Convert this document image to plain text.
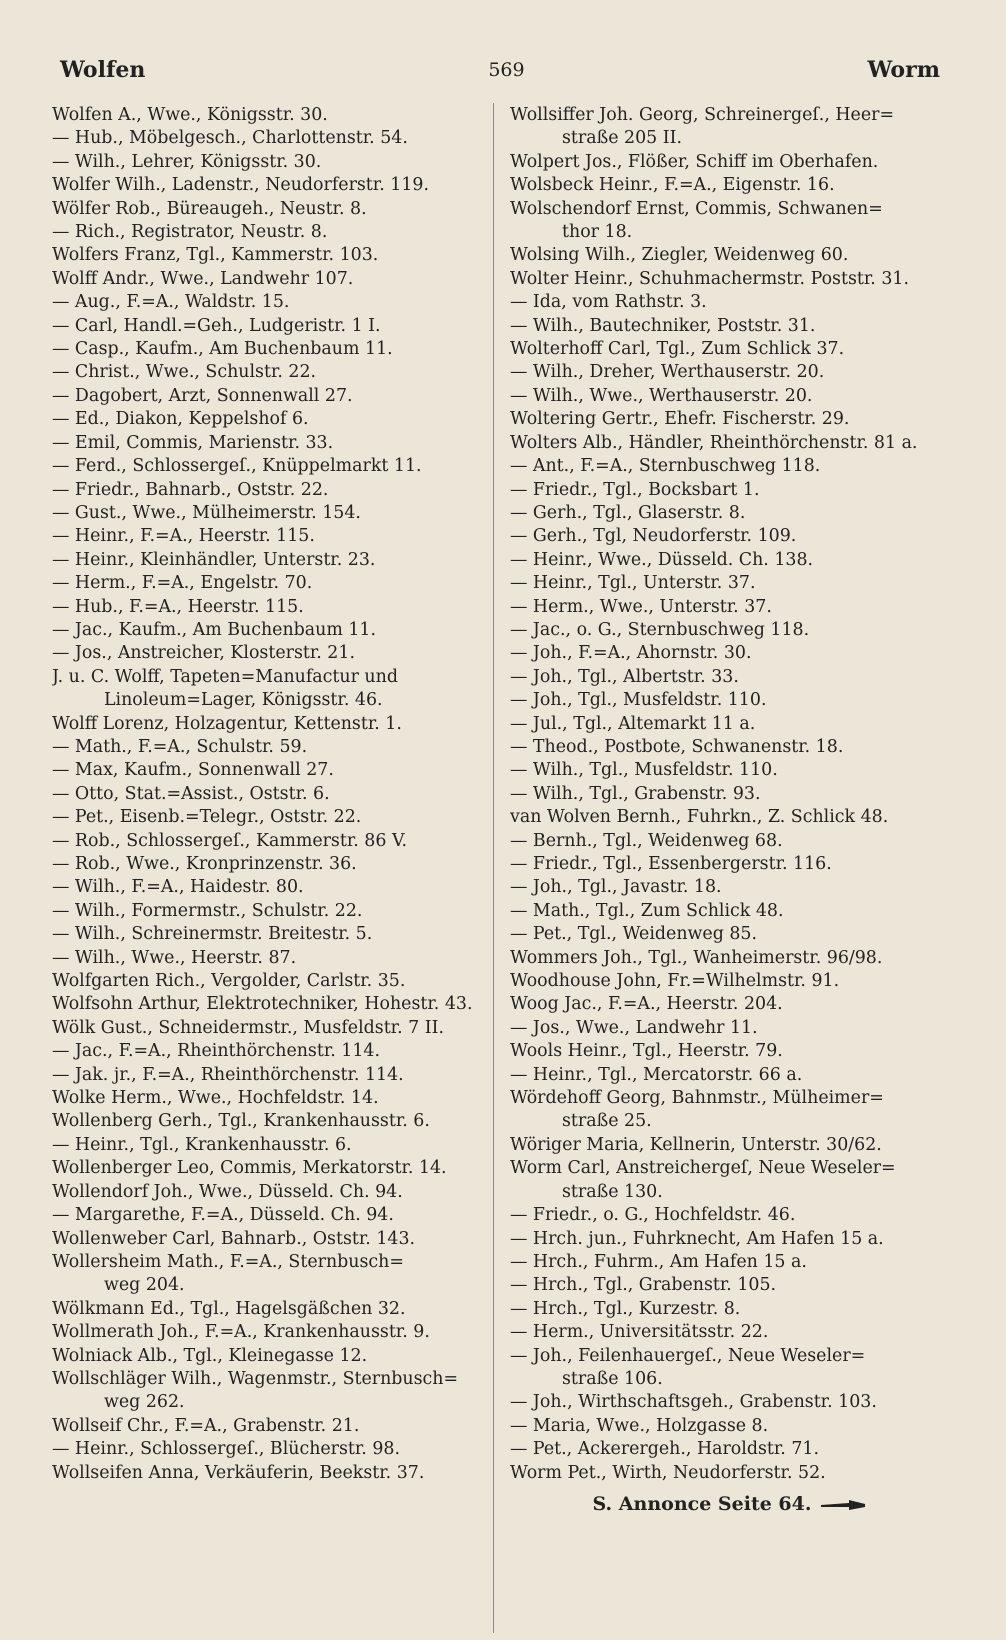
Wolfen	569	Worm
Wolfen A., Wwe., Königsstr. 30.
— Hub., Möbelgesch., Charlottenstr. 54.
— Wilh., Lehrer, Königsstr. 30.
Wolfer Wilh., Ladenstr., Neudorferstr. 119.
Wölfer Rob., Büreaugeh., Neustr. 8.
— Rich., Registrator, Neustr. 8.
Wolfers Franz, Tgl., Kammerstr. 103.
Wolff Andr., Wwe., Landwehr 107.
— Aug., F.=A., Waldstr. 15.
— Carl, Handl.=Geh., Ludgeristr. 1 I.
— Casp., Kaufm., Am Buchenbaum 11.
— Christ., Wwe., Schulstr. 22.
— Dagobert, Arzt, Sonnenwall 27.
— Ed., Diakon, Keppelshof 6.
— Emil, Commis, Marienstr. 33.
— Ferd., Schlossergeſ., Knüppelmarkt 11.
— Friedr., Bahnarb., Oststr. 22.
— Gust., Wwe., Mülheimerstr. 154.
— Heinr., F.=A., Heerstr. 115.
— Heinr., Kleinhändler, Unterstr. 23.
— Herm., F.=A., Engelstr. 70.
— Hub., F.=A., Heerstr. 115.
— Jac., Kaufm., Am Buchenbaum 11.
— Jos., Anstreicher, Klosterstr. 21.
J. u. C. Wolff, Tapeten=Manufactur und
Linoleum=Lager, Königsstr. 46.
Wolff Lorenz, Holzagentur, Kettenstr. 1.
— Math., F.=A., Schulstr. 59.
— Max, Kaufm., Sonnenwall 27.
— Otto, Stat.=Assist., Oststr. 6.
— Pet., Eisenb.=Telegr., Oststr. 22.
— Rob., Schlossergeſ., Kammerstr. 86 V.
— Rob., Wwe., Kronprinzenstr. 36.
— Wilh., F.=A., Haidestr. 80.
— Wilh., Formermstr., Schulstr. 22.
— Wilh., Schreinermstr. Breitestr. 5.
— Wilh., Wwe., Heerstr. 87.
Wolfgarten Rich., Vergolder, Carlstr. 35.
Wolfsohn Arthur, Elektrotechniker, Hohestr. 43.
Wölk Gust., Schneidermstr., Musfeldstr. 7 II.
— Jac., F.=A., Rheinthörchenstr. 114.
— Jak. jr., F.=A., Rheinthörchenstr. 114.
Wolke Herm., Wwe., Hochfeldstr. 14.
Wollenberg Gerh., Tgl., Krankenhausstr. 6.
— Heinr., Tgl., Krankenhausstr. 6.
Wollenberger Leo, Commis, Merkatorstr. 14.
Wollendorf Joh., Wwe., Düsseld. Ch. 94.
— Margarethe, F.=A., Düsseld. Ch. 94.
Wollenweber Carl, Bahnarb., Oststr. 143.
Wollersheim Math., F.=A., Sternbusch=
weg 204.
Wölkmann Ed., Tgl., Hagelsgäßchen 32.
Wollmerath Joh., F.=A., Krankenhausstr. 9.
Wolniack Alb., Tgl., Kleinegasse 12.
Wollschläger Wilh., Wagenmstr., Sternbusch=
weg 262.
Wollseif Chr., F.=A., Grabenstr. 21.
— Heinr., Schlossergeſ., Blücherstr. 98.
Wollseifen Anna, Verkäuferin, Beekstr. 37.
Wollsiffer Joh. Georg, Schreinergeſ., Heer=
straße 205 II.
Wolpert Jos., Flößer, Schiff im Oberhafen.
Wolsbeck Heinr., F.=A., Eigenstr. 16.
Wolschendorf Ernst, Commis, Schwanen=
thor 18.
Wolsing Wilh., Ziegler, Weidenweg 60.
Wolter Heinr., Schuhmachermstr. Poststr. 31.
— Ida, vom Rathstr. 3.
— Wilh., Bautechniker, Poststr. 31.
Wolterhoff Carl, Tgl., Zum Schlick 37.
— Wilh., Dreher, Werthauserstr. 20.
— Wilh., Wwe., Werthauserstr. 20.
Woltering Gertr., Ehefr. Fischerstr. 29.
Wolters Alb., Händler, Rheinthörchenstr. 81 a.
— Ant., F.=A., Sternbuschweg 118.
— Friedr., Tgl., Bocksbart 1.
— Gerh., Tgl., Glaserstr. 8.
— Gerh., Tgl, Neudorferstr. 109.
— Heinr., Wwe., Düsseld. Ch. 138.
— Heinr., Tgl., Unterstr. 37.
— Herm., Wwe., Unterstr. 37.
— Jac., o. G., Sternbuschweg 118.
— Joh., F.=A., Ahornstr. 30.
— Joh., Tgl., Albertstr. 33.
— Joh., Tgl., Musfeldstr. 110.
— Jul., Tgl., Altemarkt 11 a.
— Theod., Postbote, Schwanenstr. 18.
— Wilh., Tgl., Musfeldstr. 110.
— Wilh., Tgl., Grabenstr. 93.
van Wolven Bernh., Fuhrkn., Z. Schlick 48.
— Bernh., Tgl., Weidenweg 68.
— Friedr., Tgl., Essenbergerstr. 116.
— Joh., Tgl., Javastr. 18.
— Math., Tgl., Zum Schlick 48.
— Pet., Tgl., Weidenweg 85.
Wommers Joh., Tgl., Wanheimerstr. 96/98.
Woodhouse John, Fr.=Wilhelmstr. 91.
Woog Jac., F.=A., Heerstr. 204.
— Jos., Wwe., Landwehr 11.
Wools Heinr., Tgl., Heerstr. 79.
— Heinr., Tgl., Mercatorstr. 66 a.
Wördehoff Georg, Bahnmstr., Mülheimer=
straße 25.
Wöriger Maria, Kellnerin, Unterstr. 30/62.
Worm Carl, Anstreichergeſ, Neue Weseler=
straße 130.
— Friedr., o. G., Hochfeldstr. 46.
— Hrch. jun., Fuhrknecht, Am Hafen 15 a.
— Hrch., Fuhrm., Am Hafen 15 a.
— Hrch., Tgl., Grabenstr. 105.
— Hrch., Tgl., Kurzestr. 8.
— Herm., Universitätsstr. 22.
— Joh., Feilenhauergeſ., Neue Weseler=
straße 106.
— Joh., Wirthschaftsgeh., Grabenstr. 103.
— Maria, Wwe., Holzgasse 8.
— Pet., Ackerergeh., Haroldstr. 71.
Worm Pet., Wirth, Neudorferstr. 52.
S. Annonce Seite 64.
